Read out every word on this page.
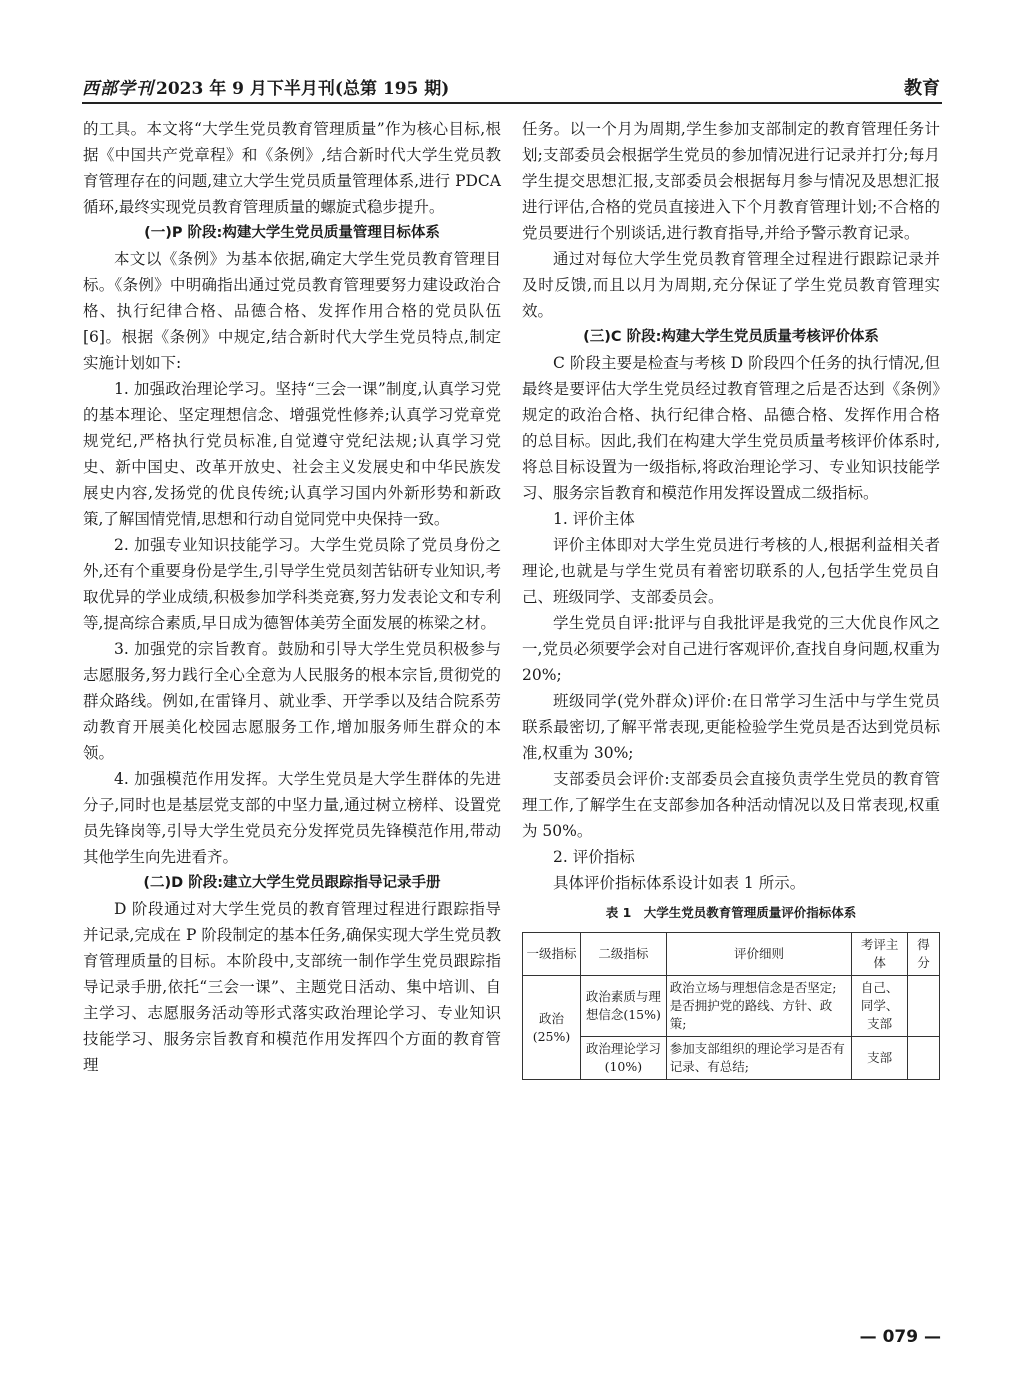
西部学刊 2023 年 9 月下半月刊(总第 195 期)	教育

的工具。本文将“大学生党员教育管理质量”作为核心目标,根据《中国共产党章程》和《条例》,结合新时代大学生党员教育管理存在的问题,建立大学生党员质量管理体系,进行 PDCA 循环,最终实现党员教育管理质量的螺旋式稳步提升。

(一)P 阶段:构建大学生党员质量管理目标体系

本文以《条例》为基本依据,确定大学生党员教育管理目标。《条例》中明确指出通过党员教育管理要努力建设政治合格、执行纪律合格、品德合格、发挥作用合格的党员队伍[6]。根据《条例》中规定,结合新时代大学生党员特点,制定实施计划如下:

1. 加强政治理论学习。坚持“三会一课”制度,认真学习党的基本理论、坚定理想信念、增强党性修养;认真学习党章党规党纪,严格执行党员标准,自觉遵守党纪法规;认真学习党史、新中国史、改革开放史、社会主义发展史和中华民族发展史内容,发扬党的优良传统;认真学习国内外新形势和新政策,了解国情党情,思想和行动自觉同党中央保持一致。

2. 加强专业知识技能学习。大学生党员除了党员身份之外,还有个重要身份是学生,引导学生党员刻苦钻研专业知识,考取优异的学业成绩,积极参加学科类竞赛,努力发表论文和专利等,提高综合素质,早日成为德智体美劳全面发展的栋梁之材。

3. 加强党的宗旨教育。鼓励和引导大学生党员积极参与志愿服务,努力践行全心全意为人民服务的根本宗旨,贯彻党的群众路线。例如,在雷锋月、就业季、开学季以及结合院系劳动教育开展美化校园志愿服务工作,增加服务师生群众的本领。

4. 加强模范作用发挥。大学生党员是大学生群体的先进分子,同时也是基层党支部的中坚力量,通过树立榜样、设置党员先锋岗等,引导大学生党员充分发挥党员先锋模范作用,带动其他学生向先进看齐。

(二)D 阶段:建立大学生党员跟踪指导记录手册

D 阶段通过对大学生党员的教育管理过程进行跟踪指导并记录,完成在 P 阶段制定的基本任务,确保实现大学生党员教育管理质量的目标。本阶段中,支部统一制作学生党员跟踪指导记录手册,依托“三会一课”、主题党日活动、集中培训、自主学习、志愿服务活动等形式落实政治理论学习、专业知识技能学习、服务宗旨教育和模范作用发挥四个方面的教育管理

任务。以一个月为周期,学生参加支部制定的教育管理任务计划;支部委员会根据学生党员的参加情况进行记录并打分;每月学生提交思想汇报,支部委员会根据每月参与情况及思想汇报进行评估,合格的党员直接进入下个月教育管理计划;不合格的党员要进行个别谈话,进行教育指导,并给予警示教育记录。

通过对每位大学生党员教育管理全过程进行跟踪记录并及时反馈,而且以月为周期,充分保证了学生党员教育管理实效。

(三)C 阶段:构建大学生党员质量考核评价体系

C 阶段主要是检查与考核 D 阶段四个任务的执行情况,但最终是要评估大学生党员经过教育管理之后是否达到《条例》规定的政治合格、执行纪律合格、品德合格、发挥作用合格的总目标。因此,我们在构建大学生党员质量考核评价体系时,将总目标设置为一级指标,将政治理论学习、专业知识技能学习、服务宗旨教育和模范作用发挥设置成二级指标。

1. 评价主体

评价主体即对大学生党员进行考核的人,根据利益相关者理论,也就是与学生党员有着密切联系的人,包括学生党员自己、班级同学、支部委员会。

学生党员自评:批评与自我批评是我党的三大优良作风之一,党员必须要学会对自己进行客观评价,查找自身问题,权重为 20%;

班级同学(党外群众)评价:在日常学习生活中与学生党员联系最密切,了解平常表现,更能检验学生党员是否达到党员标准,权重为 30%;

支部委员会评价:支部委员会直接负责学生党员的教育管理工作,了解学生在支部参加各种活动情况以及日常表现,权重为 50%。

2. 评价指标

具体评价指标体系设计如表 1 所示。

表 1　大学生党员教育管理质量评价指标体系

一级指标	二级指标	评价细则	考评主体	得分
政治(25%)	政治素质与理想信念(15%)	政治立场与理想信念是否坚定;是否拥护党的路线、方针、政策;	自己、同学、支部	
	政治理论学习(10%)	参加支部组织的理论学习是否有记录、有总结;	支部	
— 079 —
